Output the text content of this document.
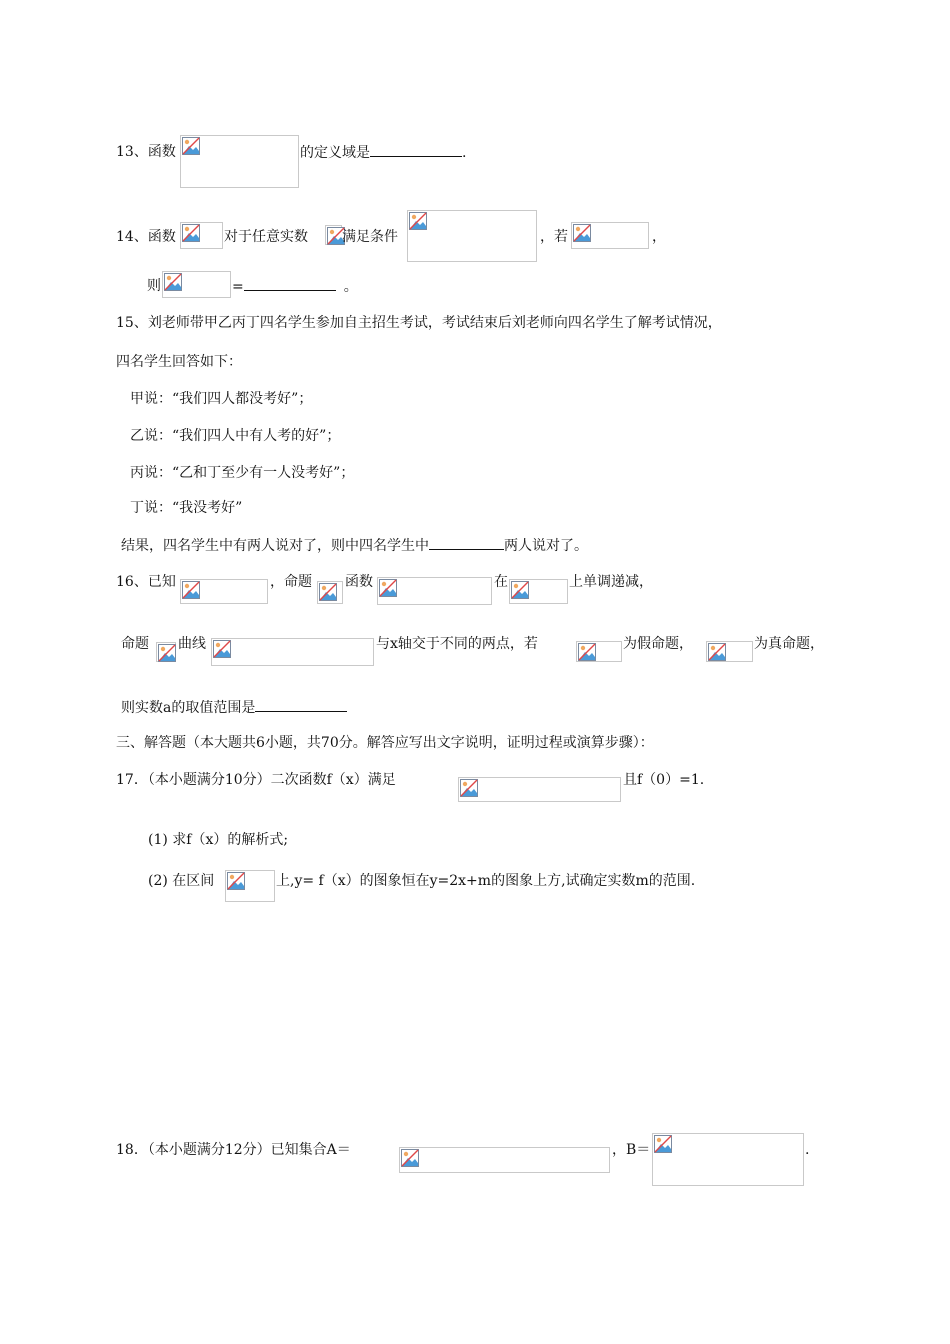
13、函数	的定义域是	.
14、函数	对于任意实数 满足条件	，若	，
则	=	。
15、刘老师带甲乙丙丁四名学生参加自主招生考试，考试结束后刘老师向四名学生了解考试情况，
四名学生回答如下：
甲说：“我们四人都没考好”；
乙说：“我们四人中有人考的好”；
丙说：“乙和丁至少有一人没考好”；
丁说：“我没考好”
结果，四名学生中有两人说对了，则中四名学生中	两人说对了。
16、已知	，命题 函数	在	上单调递减，
命题 曲线	与x轴交于不同的两点，若	为假命题，	为真命题，
则实数a的取值范围是
三、解答题（本大题共6小题，共70分。解答应写出文字说明，证明过程或演算步骤）：
17．（本小题满分10分）二次函数f（x）满足	且f（0）=1.
(1) 求f（x）的解析式;
(2) 在区间	上,y= f（x）的图象恒在y=2x+m的图象上方,试确定实数m的范围.
18．（本小题满分12分）已知集合A＝	，B＝	.
